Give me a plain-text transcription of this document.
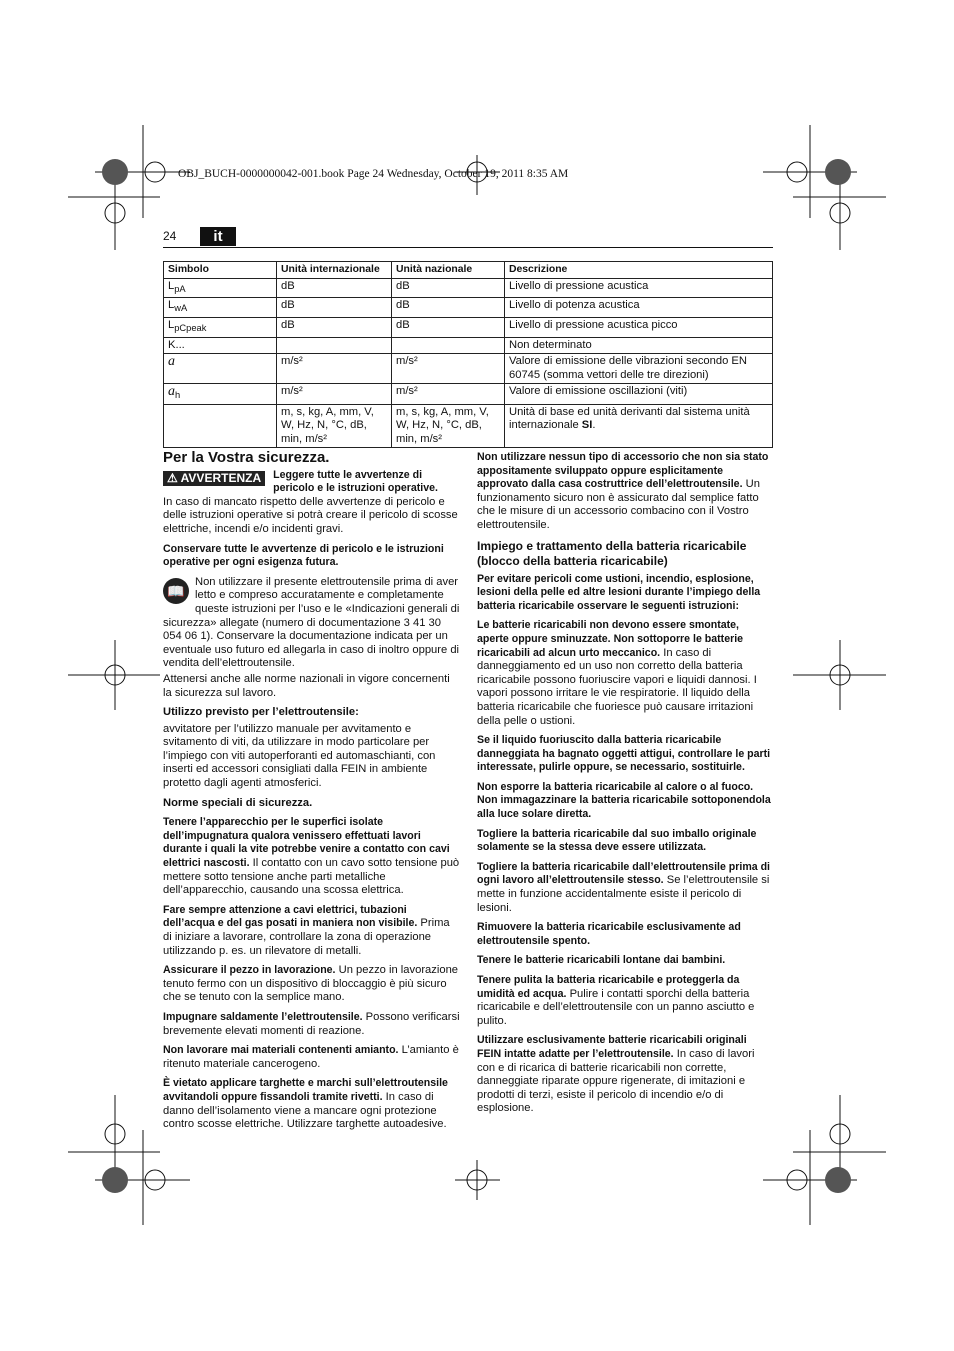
OBJ_BUCH-0000000042-001.book Page 24 Wednesday, October 19, 2011 8:35 AM
24	it
Simbolo	Unità internazionale	Unità nazionale	Descrizione
$L_{pA}$	dB	dB	Livello di pressione acustica
$L_{wA}$	dB	dB	Livello di potenza acustica
$L_{pCpeak}$	dB	dB	Livello di pressione acustica picco
K...			Non determinato
a	m/s²	m/s²	Valore di emissione delle vibrazioni secondo EN 60745 (somma vettori delle tre direzioni)
$a_h$	m/s²	m/s²	Valore di emissione oscillazioni (viti)
	m, s, kg, A, mm, V, W, Hz, N, °C, dB, min, m/s²	m, s, kg, A, mm, V, W, Hz, N, °C, dB, min, m/s²	Unità di base ed unità derivanti dal sistema unità internazionale SI.
Per la Vostra sicurezza.
⚠ AVVERTENZA	Leggere tutte le avvertenze di pericolo e le istruzioni operative.

In caso di mancato rispetto delle avvertenze di pericolo e delle istruzioni operative si potrà creare il pericolo di scosse elettriche, incendi e/o incidenti gravi.

Conservare tutte le avvertenze di pericolo e le istruzioni operative per ogni esigenza futura.

📖

Non utilizzare il presente elettroutensile prima di aver letto e compreso accuratamente e completamente queste istruzioni per l’uso e le «Indicazioni generali di sicurezza» allegate (numero di documentazione 3 41 30 054 06 1). Conservare la documentazione indicata per un eventuale uso futuro ed allegarla in caso di inoltro oppure di vendita dell’elettroutensile.

Attenersi anche alle norme nazionali in vigore concernenti la sicurezza sul lavoro.

Utilizzo previsto per l’elettroutensile:

avvitatore per l’utilizzo manuale per avvitamento e svitamento di viti, da utilizzare in modo particolare per l’impiego con viti autoperforanti ed automaschianti, con inserti ed accessori consigliati dalla FEIN in ambiente protetto dagli agenti atmosferici.

Norme speciali di sicurezza.

Tenere l’apparecchio per le superfici isolate dell’impugnatura qualora venissero effettuati lavori durante i quali la vite potrebbe venire a contatto con cavi elettrici nascosti. Il contatto con un cavo sotto tensione può mettere sotto tensione anche parti metalliche dell’apparecchio, causando una scossa elettrica.

Fare sempre attenzione a cavi elettrici, tubazioni dell’acqua e del gas posati in maniera non visibile. Prima di iniziare a lavorare, controllare la zona di operazione utilizzando p. es. un rilevatore di metalli.

Assicurare il pezzo in lavorazione. Un pezzo in lavorazione tenuto fermo con un dispositivo di bloccaggio è più sicuro che se tenuto con la semplice mano.

Impugnare saldamente l’elettroutensile. Possono verificarsi brevemente elevati momenti di reazione.

Non lavorare mai materiali contenenti amianto. L’amianto è ritenuto materiale cancerogeno.

È vietato applicare targhette e marchi sull’elettroutensile avvitandoli oppure fissandoli tramite rivetti. In caso di danno dell’isolamento viene a mancare ogni protezione contro scosse elettriche. Utilizzare targhette autoadesive.

Non utilizzare nessun tipo di accessorio che non sia stato appositamente sviluppato oppure esplicitamente approvato dalla casa costruttrice dell’elettroutensile. Un funzionamento sicuro non è assicurato dal semplice fatto che le misure di un accessorio combacino con il Vostro elettroutensile.

Impiego e trattamento della batteria ricaricabile (blocco della batteria ricaricabile)

Per evitare pericoli come ustioni, incendio, esplosione, lesioni della pelle ed altre lesioni durante l’impiego della batteria ricaricabile osservare le seguenti istruzioni:

Le batterie ricaricabili non devono essere smontate, aperte oppure sminuzzate. Non sottoporre le batterie ricaricabili ad alcun urto meccanico. In caso di danneggiamento ed un uso non corretto della batteria ricaricabile possono fuoriuscire vapori e liquidi dannosi. I vapori possono irritare le vie respiratorie. Il liquido della batteria ricaricabile che fuoriesce può causare irritazioni della pelle o ustioni.

Se il liquido fuoriuscito dalla batteria ricaricabile danneggiata ha bagnato oggetti attigui, controllare le parti interessate, pulirle oppure, se necessario, sostituirle.

Non esporre la batteria ricaricabile al calore o al fuoco. Non immagazzinare la batteria ricaricabile sottoponendola alla luce solare diretta.

Togliere la batteria ricaricabile dal suo imballo originale solamente se la stessa deve essere utilizzata.

Togliere la batteria ricaricabile dall’elettroutensile prima di ogni lavoro all’elettroutensile stesso. Se l’elettroutensile si mette in funzione accidentalmente esiste il pericolo di lesioni.

Rimuovere la batteria ricaricabile esclusivamente ad elettroutensile spento.

Tenere le batterie ricaricabili lontane dai bambini.

Tenere pulita la batteria ricaricabile e proteggerla da umidità ed acqua. Pulire i contatti sporchi della batteria ricaricabile e dell’elettroutensile con un panno asciutto e pulito.

Utilizzare esclusivamente batterie ricaricabili originali FEIN intatte adatte per l’elettroutensile. In caso di lavori con e di ricarica di batterie ricaricabili non corrette, danneggiate riparate oppure rigenerate, di imitazioni e prodotti di terzi, esiste il pericolo di incendio e/o di esplosione.
